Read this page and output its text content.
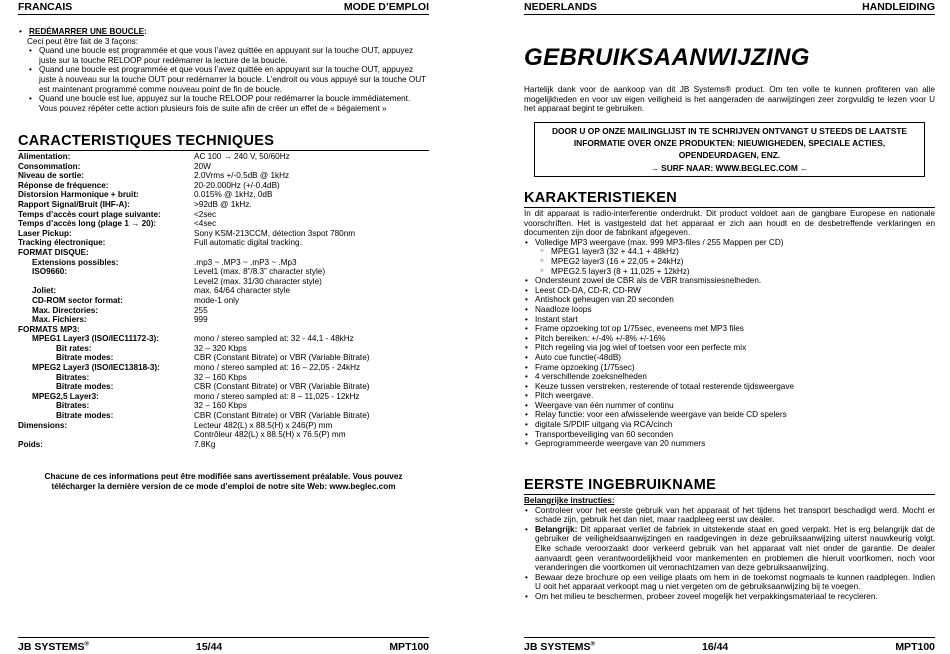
FRANCAIS	MODE D’EMPLOI
• REDÉMARRER UNE BOUCLE:
Ceci peut être fait de 3 façons:
• Quand une boucle est programmée et que vous l’avez quittée en appuyant sur la touche OUT, appuyez juste sur la touche RELOOP pour redémarrer la lecture de la boucle.
• Quand une boucle est programmée et que vous l’avez quittée en appuyant sur la touche OUT, appuyez juste à nouveau sur la touche OUT pour redémarrer la boucle. L’endroit ou vous appuyé sur la touche OUT est maintenant programmé comme nouveau point de fin de boucle.
• Quand une boucle est lue, appuyez sur la touche RELOOP pour redémarrer la boucle immédiatement. Vous pouvez répéter cette action plusieurs fois de suite afin de créer un effet de « bégaiement »
CARACTERISTIQUES TECHNIQUES
Alimentation:	AC 100 → 240 V, 50/60Hz
Consommation:	20W
Niveau de sortie:	2.0Vrms +/-0.5dB @ 1kHz
Réponse de fréquence:	20-20.000Hz (+/-0.4dB)
Distorsion Harmonique + bruit:	0.015% @ 1kHz, 0dB
Rapport Signal/Bruit (IHF-A):	>92dB @ 1kHz.
Temps d’accès court plage suivante:	<2sec
Temps d’accès long (plage 1 → 20):	<4sec
Laser Pickup:	Sony KSM-213CCM, détection 3spot 780nm
Tracking électronique:	Full automatic digital tracking.
FORMAT DISQUE:
Extensions possibles:	.mp3 ~ .MP3 ~ .mP3 ~ .Mp3
ISO9660:	Level1 (max. 8”/8.3” character style)
Level2 (max. 31/30 character style)
Joliet:	max. 64/64 character style
CD-ROM sector format:	mode-1 only
Max. Directories:	255
Max. Fichiers:	999
FORMATS MP3:
MPEG1 Layer3 (ISO/IEC11172-3):	mono / stereo sampled at: 32 - 44,1 - 48kHz
Bit rates:	32 – 320 Kbps
Bitrate modes:	CBR (Constant Bitrate) or VBR (Variable Bitrate)
MPEG2 Layer3 (ISO/IEC13818-3):	mono / stereo sampled at: 16 – 22,05 - 24kHz
Bitrates:	32 – 160 Kbps
Bitrate modes:	CBR (Constant Bitrate) or VBR (Variable Bitrate)
MPEG2,5 Layer3:	mono / stereo sampled at: 8 – 11,025 - 12kHz
Bitrates:	32 – 160 Kbps
Bitrate modes:	CBR (Constant Bitrate) or VBR (Variable Bitrate)
Dimensions:	Lecteur 482(L) x 88.5(H) x 246(P) mm
Contrôleur 482(L) x 88.5(H) x 76.5(P) mm
Poids:	7.8Kg
Chacune de ces informations peut être modifiée sans avertissement préalable. Vous pouvez télécharger la dernière version de ce mode d’emploi de notre site Web: www.beglec.com
JB SYSTEMS®	15/44	MPT100
NEDERLANDS	HANDLEIDING
GEBRUIKSAANWIJZING
Hartelijk dank voor de aankoop van dit JB Systems® product. Om ten volle te kunnen profiteren van alle mogelijkheden en voor uw eigen veiligheid is het aangeraden de aanwijzingen zeer zorgvuldig te lezen voor U het apparaat begint te gebruiken.
DOOR U OP ONZE MAILINGLIJST IN TE SCHRIJVEN ONTVANGT U STEEDS DE LAATSTE INFORMATIE OVER ONZE PRODUKTEN: NIEUWIGHEDEN, SPECIALE ACTIES, OPENDEURDAGEN, ENZ.
→ SURF NAAR: WWW.BEGLEC.COM ←
KARAKTERISTIEKEN
In dit apparaat is radio-interferentie onderdrukt. Dit product voldoet aan de gangbare Europese en nationale voorschriften. Het is vastgesteld dat het apparaat er zich aan houdt en de desbetreffende verklaringen en documenten zijn door de fabrikant afgegeven.
• Volledige MP3 weergave (max. 999 MP3-files / 255 Mappen per CD)
○ MPEG1 layer3 (32 + 44,1 + 48kHz)
○ MPEG2 layer3 (16 + 22,05 + 24kHz)
○ MPEG2.5 layer3 (8 + 11,025 + 12kHz)
• Ondersteunt zowel de CBR als de VBR transmissiesnelheden.
• Leest CD-DA, CD-R, CD-RW
• Antishock geheugen van 20 seconden
• Naadloze loops
• Instant start
• Frame opzoeking tot op 1/75sec, eveneens met MP3 files
• Pitch bereiken: +/-4% +/-8% +/-16%
• Pitch regeling via jog wiel of toetsen voor een perfecte mix
• Auto cue functie(-48dB)
• Frame opzoeking (1/75sec)
• 4 verschillende zoeksnelheden
• Keuze tussen verstreken, resterende of totaal resterende tijdsweergave
• Pitch weergave.
• Weergave van één nummer of continu
• Relay functie: voor een afwisselende weergave van beide CD spelers
• digitale S/PDIF uitgang via RCA/cinch
• Transportbeveiliging van 60 seconden
• Geprogrammeerde weergave van 20 nummers
EERSTE INGEBRUIKNAME
Belangrijke instructies:
• Controleer voor het eerste gebruik van het apparaat of het tijdens het transport beschadigd werd. Mocht er schade zijn, gebruik het dan niet, maar raadpleeg eerst uw dealer.
• Belangrijk: Dit apparaat verliet de fabriek in uitstekende staat en goed verpakt. Het is erg belangrijk dat de gebruiker de veiligheidsaanwijzingen en raadgevingen in deze gebruiksaanwijzing uiterst nauwkeurig volgt. Elke schade veroorzaakt door verkeerd gebruik van het apparaat valt niet onder de garantie. De dealer aanvaardt geen verantwoordelijkheid voor mankementen en problemen die hieruit voortkomen, noch voor veranderingen die voortkomen uit veronachtzamen van deze gebruiksaanwijzing.
• Bewaar deze brochure op een veilige plaats om hem in de toekomst nogmaals te kunnen raadplegen. Indien U ooit het apparaat verkoopt mag u niet vergeten om de gebruiksaanwijzing bij te voegen.
• Om het milieu te beschermen, probeer zoveel mogelijk het verpakkingsmateriaal te recycleren.
JB SYSTEMS®	16/44	MPT100
